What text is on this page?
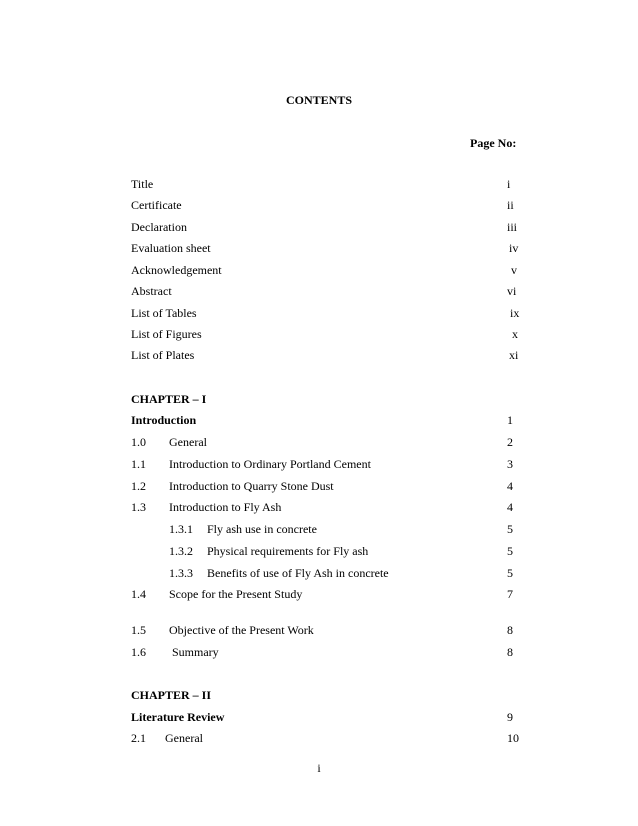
CONTENTS
Page No:
Title	i
Certificate	ii
Declaration	iii
Evaluation sheet	iv
Acknowledgement	v
Abstract	vi
List of Tables	ix
List of Figures	x
List of Plates	xi
CHAPTER – I
Introduction	1
1.0 General	2
1.1 Introduction to Ordinary Portland Cement	3
1.2 Introduction to Quarry Stone Dust	4
1.3 Introduction to Fly Ash	4
1.3.1 Fly ash use in concrete	5
1.3.2 Physical requirements for Fly ash	5
1.3.3 Benefits of use of Fly Ash in concrete	5
1.4 Scope for the Present Study	7
1.5 Objective of the Present Work	8
1.6 Summary	8
CHAPTER – II
Literature Review	9
2.1 General	10
i
